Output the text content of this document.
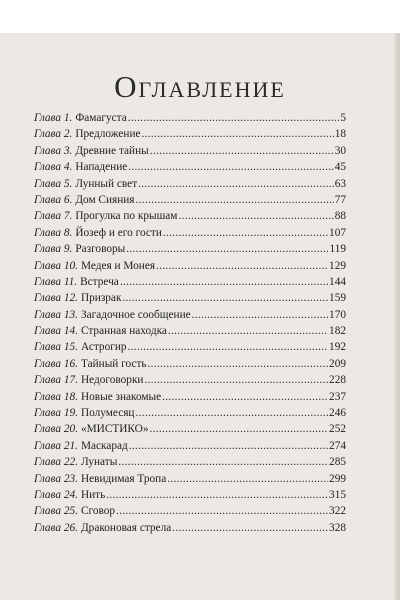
Оглавление
Глава 1. Фамагуста .....	5
Глава 2. Предложение .....	18
Глава 3. Древние тайны .....	30
Глава 4. Нападение .....	45
Глава 5. Лунный свет .....	63
Глава 6. Дом Сияния .....	77
Глава 7. Прогулка по крышам .....	88
Глава 8. Йозеф и его гости .....	107
Глава 9. Разговоры .....	119
Глава 10. Медея и Монея .....	129
Глава 11. Встреча .....	144
Глава 12. Призрак .....	159
Глава 13. Загадочное сообщение .....	170
Глава 14. Странная находка .....	182
Глава 15. Астрогир .....	192
Глава 16. Тайный гость .....	209
Глава 17. Недоговорки .....	228
Глава 18. Новые знакомые .....	237
Глава 19. Полумесяц .....	246
Глава 20. «МИСТИКО» .....	252
Глава 21. Маскарад .....	274
Глава 22. Лунаты .....	285
Глава 23. Невидимая Тропа .....	299
Глава 24. Нить .....	315
Глава 25. Сговор .....	322
Глава 26. Драконовая стрела .....	328
